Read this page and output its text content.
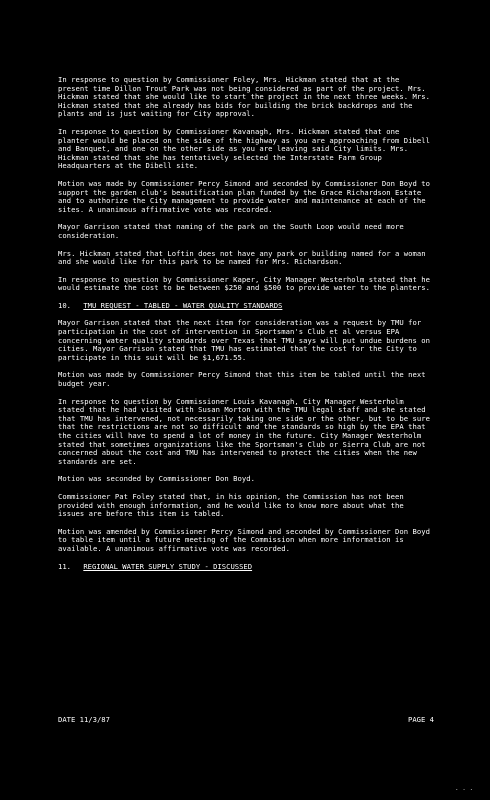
In response to question by Commissioner Foley, Mrs. Hickman stated that at the present time Dillon Trout Park was not being considered as part of the project. Mrs. Hickman stated that she would like to start the project in the next three weeks. Mrs. Hickman stated that she already has bids for building the brick backdrops and the plants and is just waiting for City approval.

In response to question by Commissioner Kavanagh, Mrs. Hickman stated that one planter would be placed on the side of the highway as you are approaching from Dibell and Banquet, and one on the other side as you are leaving said City limits. Mrs. Hickman stated that she has tentatively selected the Interstate Farm Group Headquarters at the Dibell site.

Motion was made by Commissioner Percy Simond and seconded by Commissioner Don Boyd to support the garden club's beautification plan funded by the Grace Richardson Estate and to authorize the City management to provide water and maintenance at each of the sites. A unanimous affirmative vote was recorded.

Mayor Garrison stated that naming of the park on the South Loop would need more consideration.

Mrs. Hickman stated that Loftin does not have any park or building named for a woman and she would like for this park to be named for Mrs. Richardson.

In response to question by Commissioner Kaper, City Manager Westerholm stated that he would estimate the cost to be between $250 and $500 to provide water to the planters.

10. TMU REQUEST - TABLED - WATER QUALITY STANDARDS

Mayor Garrison stated that the next item for consideration was a request by TMU for participation in the cost of intervention in Sportsman's Club et al versus EPA concerning water quality standards over Texas that TMU says will put undue burdens on cities. Mayor Garrison stated that TMU has estimated that the cost for the City to participate in this suit will be $1,671.55.

Motion was made by Commissioner Percy Simond that this item be tabled until the next budget year.

In response to question by Commissioner Louis Kavanagh, City Manager Westerholm stated that he had visited with Susan Morton with the TMU legal staff and she stated that TMU has intervened, not necessarily taking one side or the other, but to be sure that the restrictions are not so difficult and the standards so high by the EPA that the cities will have to spend a lot of money in the future. City Manager Westerholm stated that sometimes organizations like the Sportsman's Club or Sierra Club are not concerned about the cost and TMU has intervened to protect the cities when the new standards are set.

Motion was seconded by Commissioner Don Boyd.

Commissioner Pat Foley stated that, in his opinion, the Commission has not been provided with enough information, and he would like to know more about what the issues are before this item is tabled.

Motion was amended by Commissioner Percy Simond and seconded by Commissioner Don Boyd to table item until a future meeting of the Commission when more information is available. A unanimous affirmative vote was recorded.

11. REGIONAL WATER SUPPLY STUDY - DISCUSSED
DATE 11/3/87	PAGE 4
. . .
